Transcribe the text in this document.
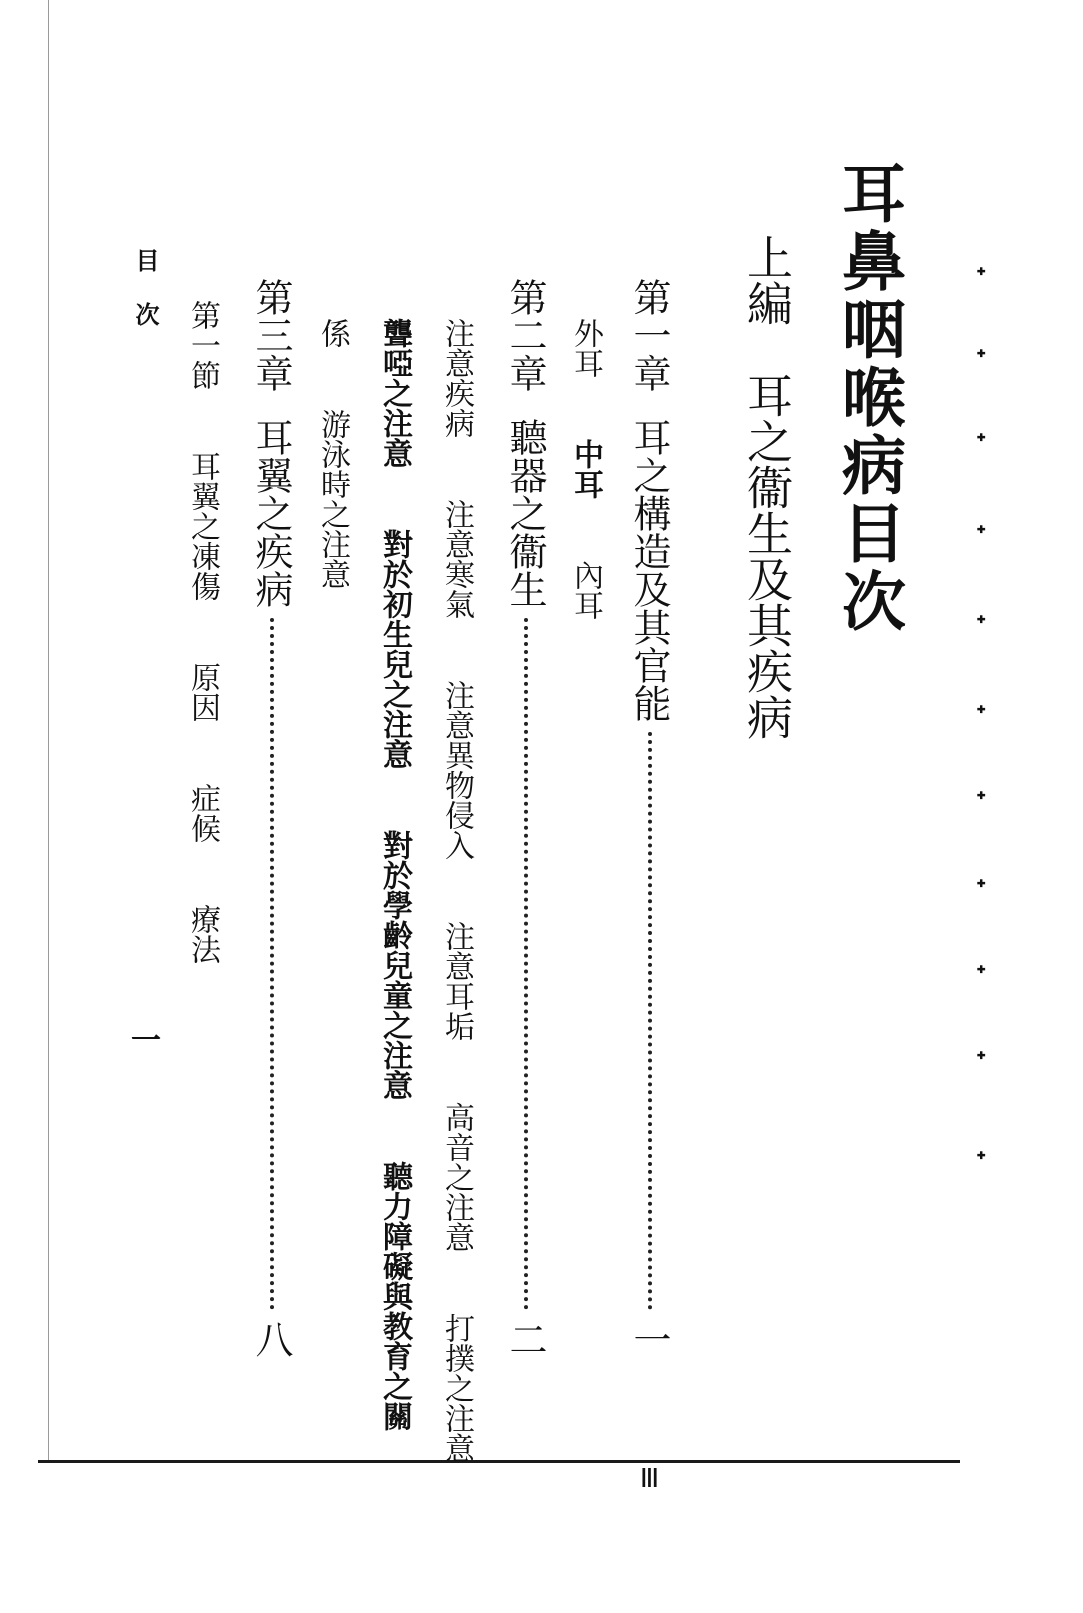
ᐩ
ᐩ
ᐩ
ᐩ
ᐩ
ᐩ
ᐩ
ᐩ
ᐩ
ᐩ
ᐩ
ǀǀǀ
耳鼻咽喉病目次
上編　耳之衞生及其疾病
第一章
耳之構造及其官能
一
外耳 中耳 內耳
第二章
聽器之衞生
二
注意疾病 注意寒氣 注意異物侵入 注意耳垢 高音之注意 打撲之注意
聾啞之注意 對於初生兒之注意 對於學齡兒童之注意 聽力障礙與教育之關
係 游泳時之注意
第三章
耳翼之疾病
八
第一節 耳翼之凍傷 原因 症候 療法
目次
一
